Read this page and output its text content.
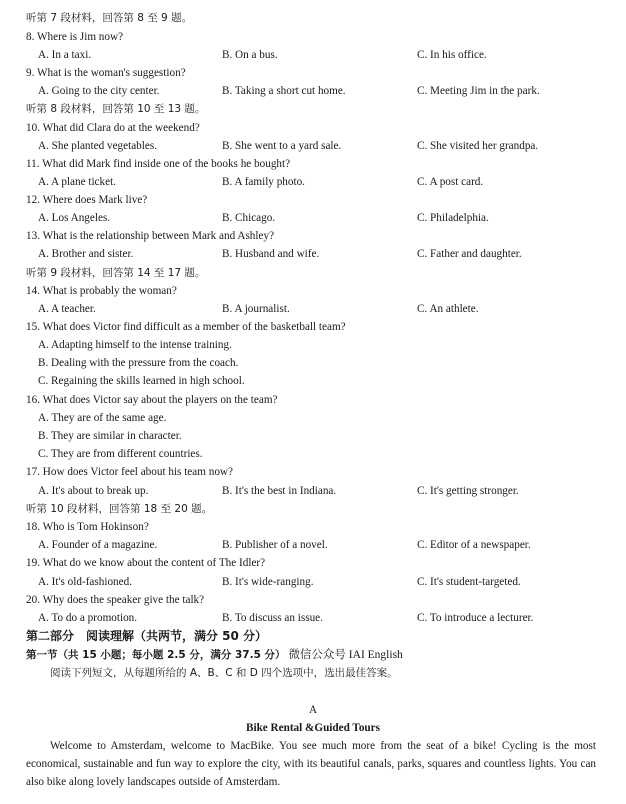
听第 7 段材料，回答第 8 至 9 题。
8. Where is Jim now?
A. In a taxi.	B. On a bus.	C. In his office.
9. What is the woman's suggestion?
A. Going to the city center.	B. Taking a short cut home.	C. Meeting Jim in the park.
听第 8 段材料，回答第 10 至 13 题。
10. What did Clara do at the weekend?
A. She planted vegetables.	B. She went to a yard sale.	C. She visited her grandpa.
11. What did Mark find inside one of the books he bought?
A. A plane ticket.	B. A family photo.	C. A post card.
12. Where does Mark live?
A. Los Angeles.	B. Chicago.	C. Philadelphia.
13. What is the relationship between Mark and Ashley?
A. Brother and sister.	B. Husband and wife.	C. Father and daughter.
听第 9 段材料，回答第 14 至 17 题。
14. What is probably the woman?
A. A teacher.	B. A journalist.	C. An athlete.
15. What does Victor find difficult as a member of the basketball team?
A. Adapting himself to the intense training.
B. Dealing with the pressure from the coach.
C. Regaining the skills learned in high school.
16. What does Victor say about the players on the team?
A. They are of the same age.
B. They are similar in character.
C. They are from different countries.
17. How does Victor feel about his team now?
A. It's about to break up.	B. It's the best in Indiana.	C. It's getting stronger.
听第 10 段材料，回答第 18 至 20 题。
18. Who is Tom Hokinson?
A. Founder of a magazine.	B. Publisher of a novel.	C. Editor of a newspaper.
19. What do we know about the content of The Idler?
A. It's old-fashioned.	B. It's wide-ranging.	C. It's student-targeted.
20. Why does the speaker give the talk?
A. To do a promotion.	B. To discuss an issue.	C. To introduce a lecturer.
第二部分　阅读理解（共两节，满分 50 分）
第一节（共 15 小题；每小题 2.5 分，满分 37.5 分） 微信公众号 IAI English
阅读下列短文，从每题所给的 A、B、C 和 D 四个选项中，选出最佳答案。
A
Bike Rental &Guided Tours
Welcome to Amsterdam, welcome to MacBike. You see much more from the seat of a bike! Cycling is the most economical, sustainable and fun way to explore the city, with its beautiful canals, parks, squares and countless lights. You can also bike along lovely landscapes outside of Amsterdam.
